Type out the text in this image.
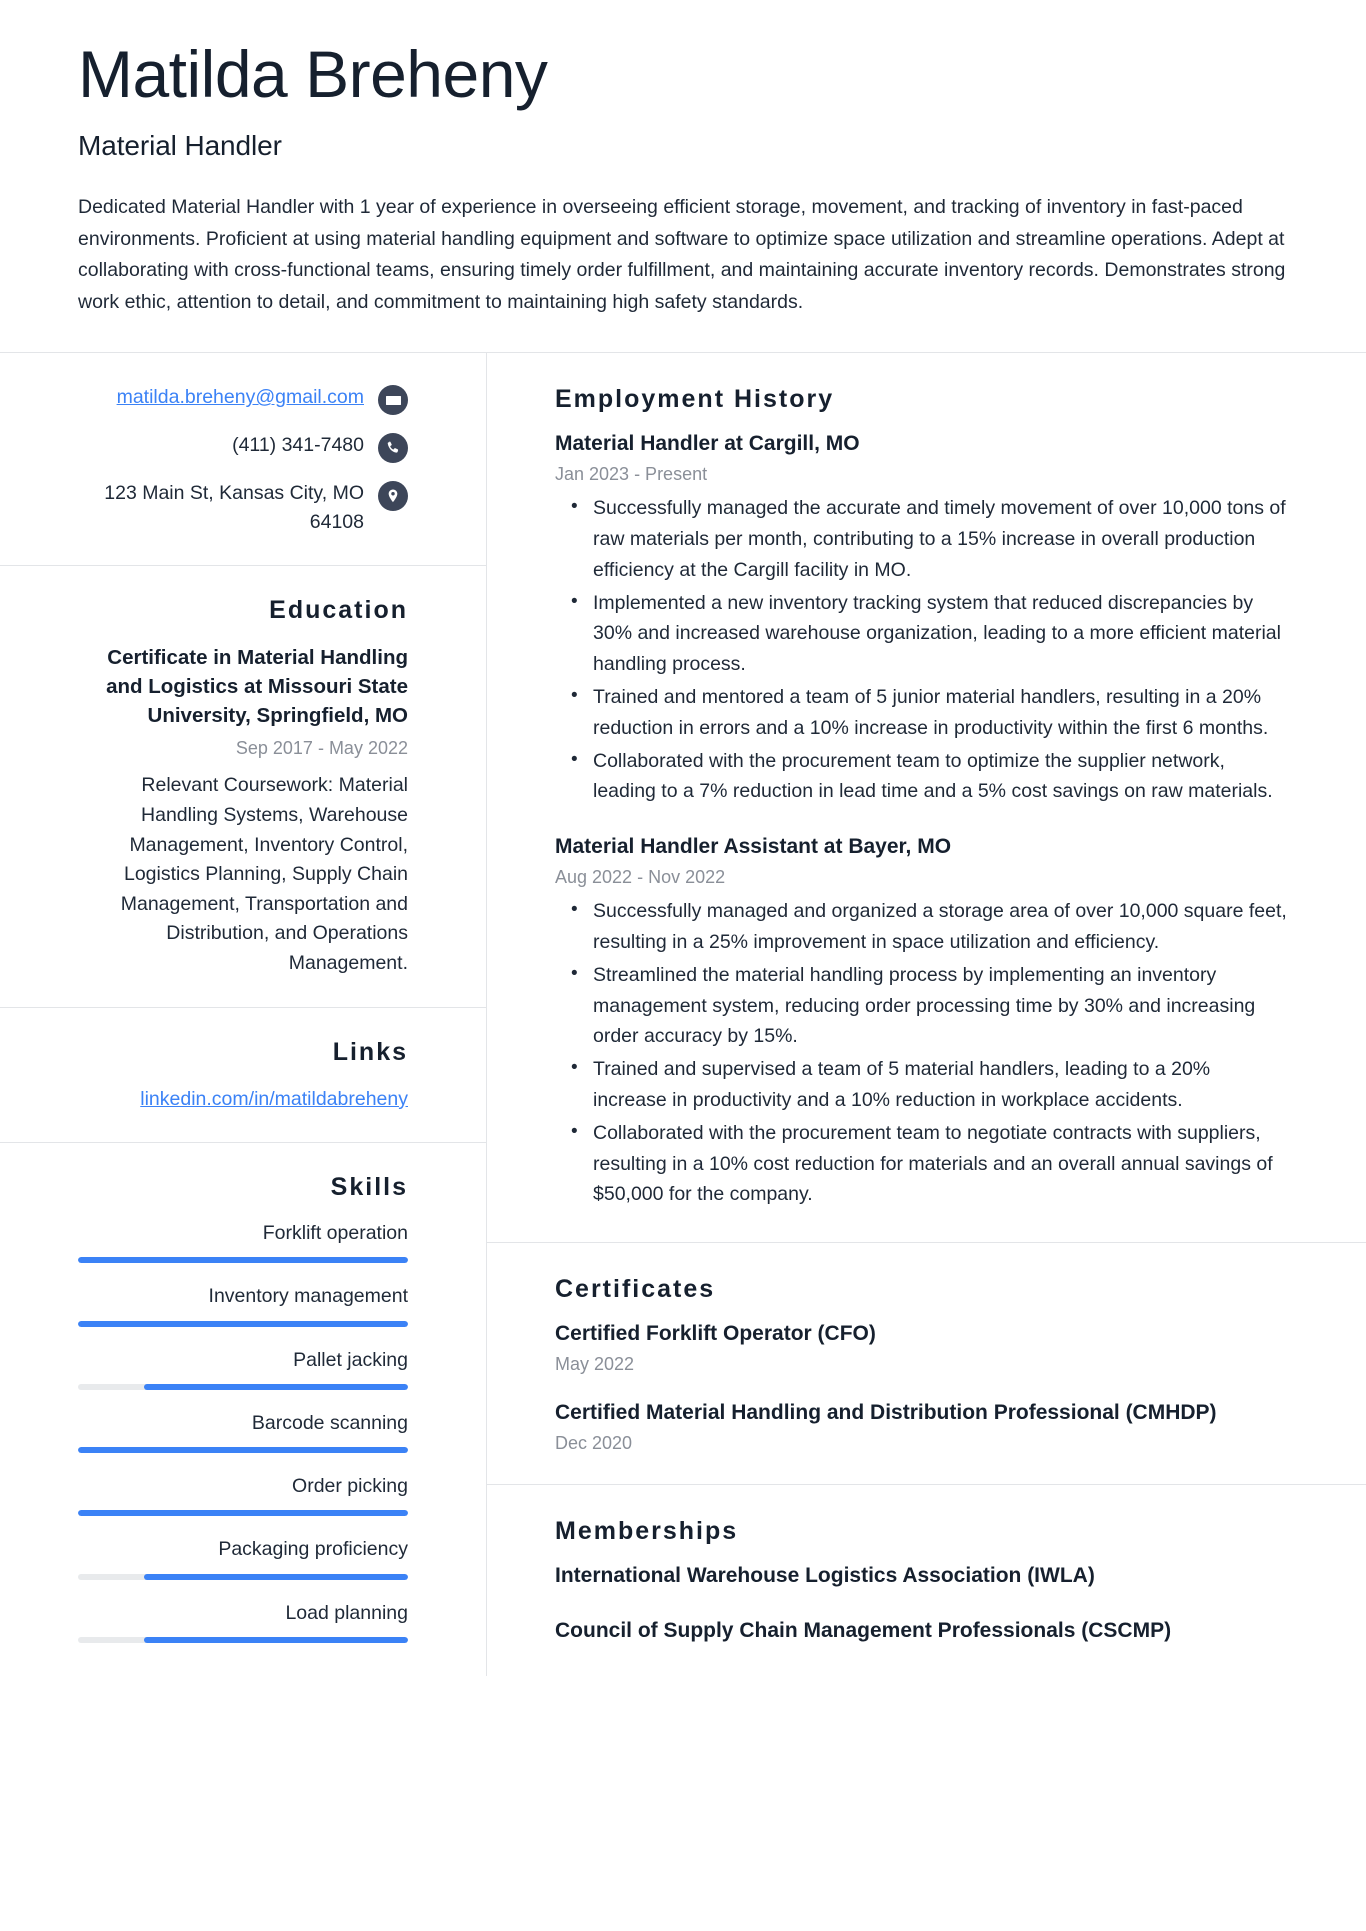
Matilda Breheny
Material Handler

Dedicated Material Handler with 1 year of experience in overseeing efficient storage, movement, and tracking of inventory in fast-paced environments. Proficient at using material handling equipment and software to optimize space utilization and streamline operations. Adept at collaborating with cross-functional teams, ensuring timely order fulfillment, and maintaining accurate inventory records. Demonstrates strong work ethic, attention to detail, and commitment to maintaining high safety standards.

matilda.breheny@gmail.com
(411) 341-7480
123 Main St, Kansas City, MO 64108
Education
Certificate in Material Handling and Logistics at Missouri State University, Springfield, MO
Sep 2017 - May 2022
Relevant Coursework: Material Handling Systems, Warehouse Management, Inventory Control, Logistics Planning, Supply Chain Management, Transportation and Distribution, and Operations Management.
Links
linkedin.com/in/matildabreheny
Skills
Forklift operation
Inventory management
Pallet jacking
Barcode scanning
Order picking
Packaging proficiency
Load planning
Employment History
Material Handler at Cargill, MO
Jan 2023 - Present
• Successfully managed the accurate and timely movement of over 10,000 tons of raw materials per month, contributing to a 15% increase in overall production efficiency at the Cargill facility in MO.
• Implemented a new inventory tracking system that reduced discrepancies by 30% and increased warehouse organization, leading to a more efficient material handling process.
• Trained and mentored a team of 5 junior material handlers, resulting in a 20% reduction in errors and a 10% increase in productivity within the first 6 months.
• Collaborated with the procurement team to optimize the supplier network, leading to a 7% reduction in lead time and a 5% cost savings on raw materials.
Material Handler Assistant at Bayer, MO
Aug 2022 - Nov 2022
• Successfully managed and organized a storage area of over 10,000 square feet, resulting in a 25% improvement in space utilization and efficiency.
• Streamlined the material handling process by implementing an inventory management system, reducing order processing time by 30% and increasing order accuracy by 15%.
• Trained and supervised a team of 5 material handlers, leading to a 20% increase in productivity and a 10% reduction in workplace accidents.
• Collaborated with the procurement team to negotiate contracts with suppliers, resulting in a 10% cost reduction for materials and an overall annual savings of $50,000 for the company.
Certificates
Certified Forklift Operator (CFO)
May 2022
Certified Material Handling and Distribution Professional (CMHDP)
Dec 2020
Memberships
International Warehouse Logistics Association (IWLA)
Council of Supply Chain Management Professionals (CSCMP)
